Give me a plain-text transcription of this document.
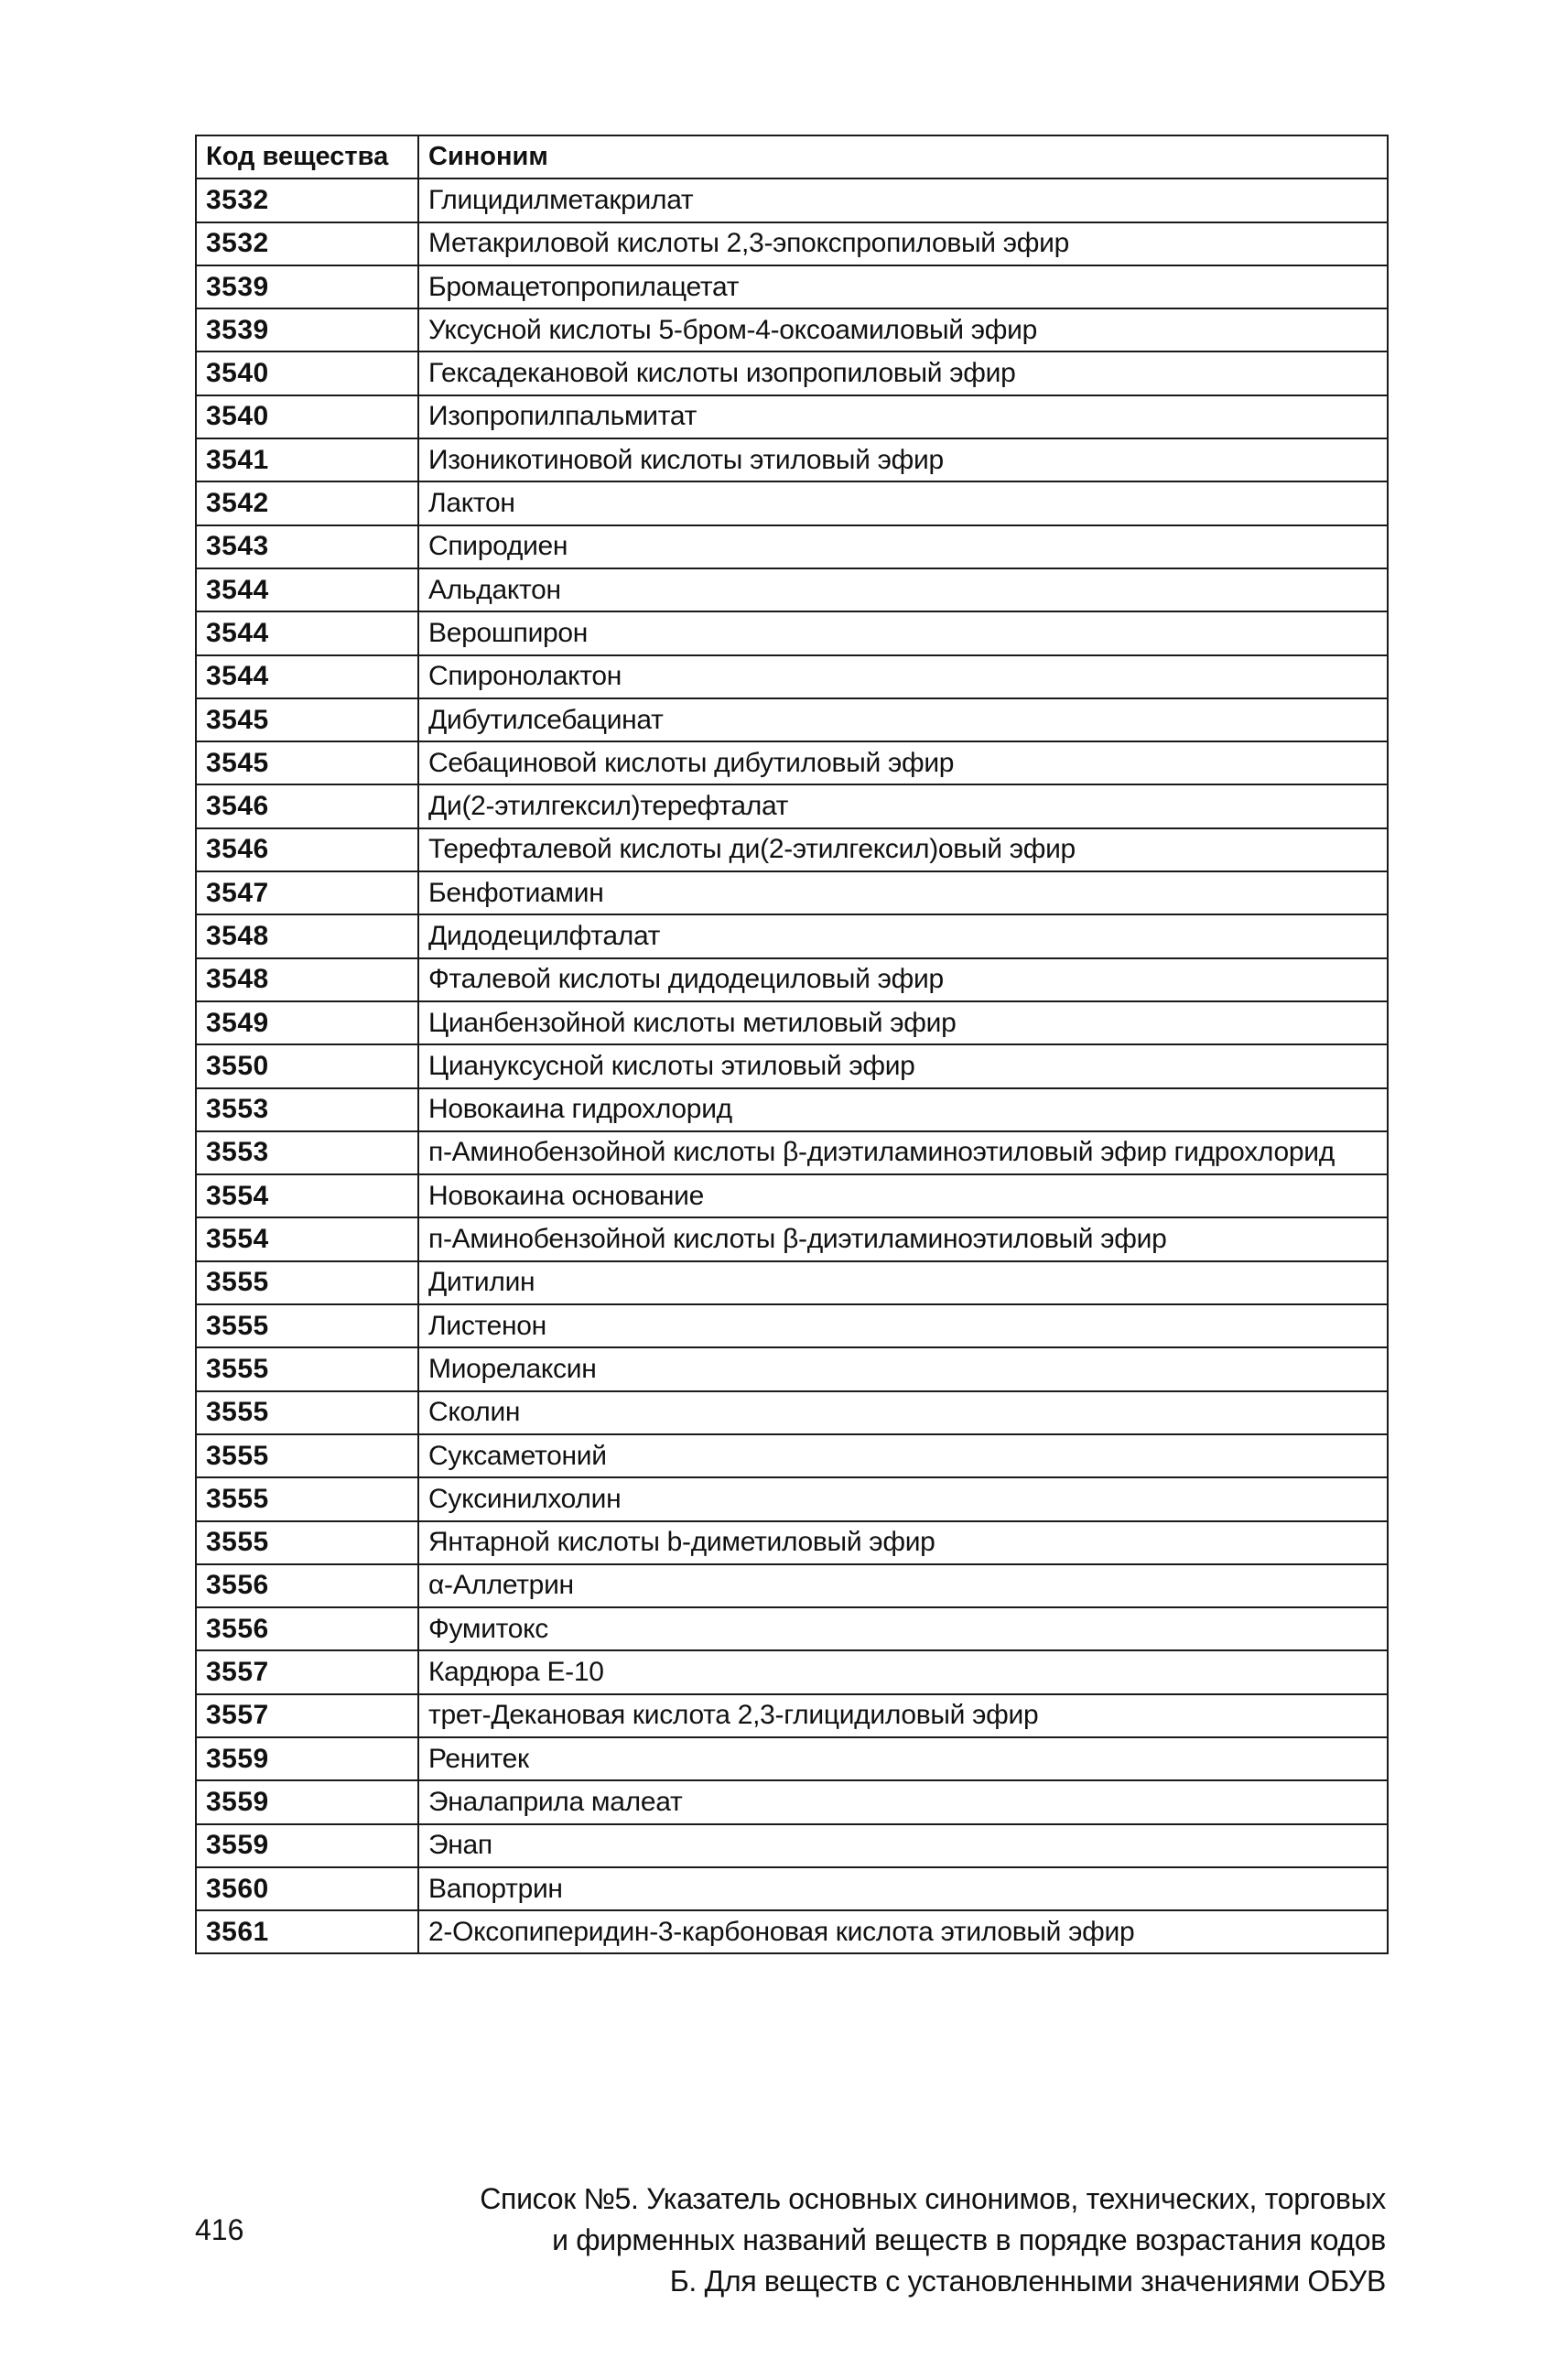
Код вещества	Синоним
3532	Глицидилметакрилат
3532	Метакриловой кислоты 2,3-эпокспропиловый эфир
3539	Бромацетопропилацетат
3539	Уксусной кислоты 5-бром-4-оксоамиловый эфир
3540	Гексадекановой кислоты изопропиловый эфир
3540	Изопропилпальмитат
3541	Изоникотиновой кислоты этиловый эфир
3542	Лактон
3543	Спиродиен
3544	Альдактон
3544	Верошпирон
3544	Спиронолактон
3545	Дибутилсебацинат
3545	Себациновой кислоты дибутиловый эфир
3546	Ди(2-этилгексил)терефталат
3546	Терефталевой кислоты ди(2-этилгексил)овый эфир
3547	Бенфотиамин
3548	Дидодецилфталат
3548	Фталевой кислоты дидодециловый эфир
3549	Цианбензойной кислоты метиловый эфир
3550	Циануксусной кислоты этиловый эфир
3553	Новокаина гидрохлорид
3553	п-Аминобензойной кислоты β-диэтиламиноэтиловый эфир гидрохлорид
3554	Новокаина основание
3554	п-Аминобензойной кислоты β-диэтиламиноэтиловый эфир
3555	Дитилин
3555	Листенон
3555	Миорелаксин
3555	Сколин
3555	Суксаметоний
3555	Суксинилхолин
3555	Янтарной кислоты b-диметиловый эфир
3556	α-Аллетрин
3556	Фумитокс
3557	Кардюра Е-10
3557	трет-Декановая кислота 2,3-глицидиловый эфир
3559	Ренитек
3559	Эналаприла малеат
3559	Энап
3560	Вапортрин
3561	2-Оксопиперидин-3-карбоновая кислота этиловый эфир
416
Список №5. Указатель основных синонимов, технических, торговых
и фирменных названий веществ в порядке возрастания кодов
Б. Для веществ с установленными значениями ОБУВ
